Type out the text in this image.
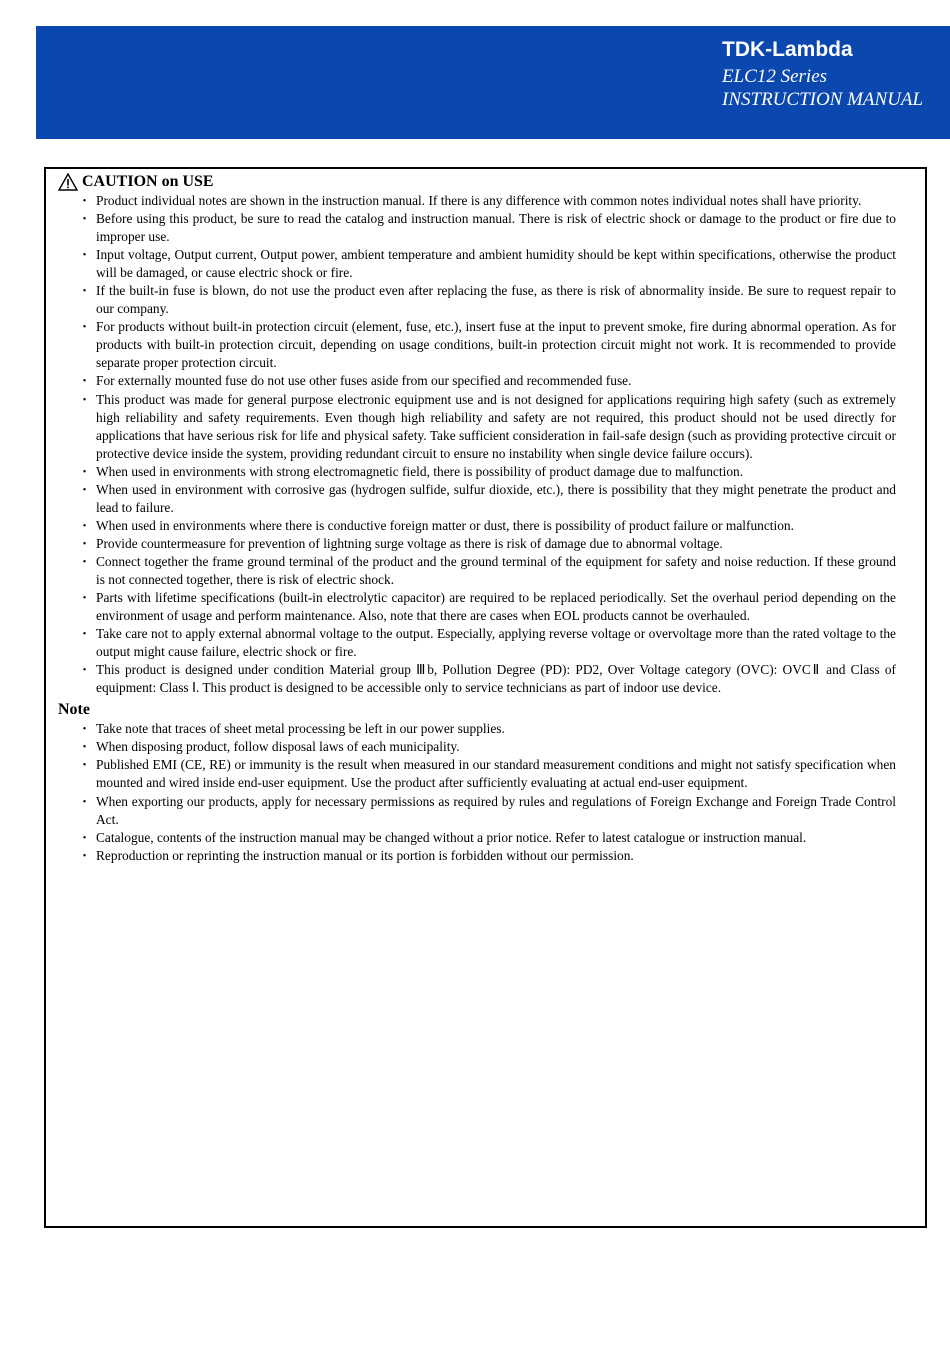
TDK-Lambda
ELC12 Series
INSTRUCTION MANUAL
CAUTION on USE
・ Product individual notes are shown in the instruction manual. If there is any difference with common notes individual notes shall have priority.
・ Before using this product, be sure to read the catalog and instruction manual. There is risk of electric shock or damage to the product or fire due to improper use.
・ Input voltage, Output current, Output power, ambient temperature and ambient humidity should be kept within specifications, otherwise the product will be damaged, or cause electric shock or fire.
・ If the built-in fuse is blown, do not use the product even after replacing the fuse, as there is risk of abnormality inside. Be sure to request repair to our company.
・ For products without built-in protection circuit (element, fuse, etc.), insert fuse at the input to prevent smoke, fire during abnormal operation. As for products with built-in protection circuit, depending on usage conditions, built-in protection circuit might not work. It is recommended to provide separate proper protection circuit.
・ For externally mounted fuse do not use other fuses aside from our specified and recommended fuse.
・ This product was made for general purpose electronic equipment use and is not designed for applications requiring high safety (such as extremely high reliability and safety requirements. Even though high reliability and safety are not required, this product should not be used directly for applications that have serious risk for life and physical safety. Take sufficient consideration in fail-safe design (such as providing protective circuit or protective device inside the system, providing redundant circuit to ensure no instability when single device failure occurs).
・ When used in environments with strong electromagnetic field, there is possibility of product damage due to malfunction.
・ When used in environment with corrosive gas (hydrogen sulfide, sulfur dioxide, etc.), there is possibility that they might penetrate the product and lead to failure.
・ When used in environments where there is conductive foreign matter or dust, there is possibility of product failure or malfunction.
・ Provide countermeasure for prevention of lightning surge voltage as there is risk of damage due to abnormal voltage.
・ Connect together the frame ground terminal of the product and the ground terminal of the equipment for safety and noise reduction. If these ground is not connected together, there is risk of electric shock.
・ Parts with lifetime specifications (built-in electrolytic capacitor) are required to be replaced periodically. Set the overhaul period depending on the environment of usage and perform maintenance. Also, note that there are cases when EOL products cannot be overhauled.
・ Take care not to apply external abnormal voltage to the output. Especially, applying reverse voltage or overvoltage more than the rated voltage to the output might cause failure, electric shock or fire.
・ This product is designed under condition Material group Ⅲb, Pollution Degree (PD): PD2, Over Voltage category (OVC): OVCⅡ and Class of equipment: Class Ⅰ. This product is designed to be accessible only to service technicians as part of indoor use device.
Note
・ Take note that traces of sheet metal processing be left in our power supplies.
・ When disposing product, follow disposal laws of each municipality.
・ Published EMI (CE, RE) or immunity is the result when measured in our standard measurement conditions and might not satisfy specification when mounted and wired inside end-user equipment. Use the product after sufficiently evaluating at actual end-user equipment.
・ When exporting our products, apply for necessary permissions as required by rules and regulations of Foreign Exchange and Foreign Trade Control Act.
・ Catalogue, contents of the instruction manual may be changed without a prior notice. Refer to latest catalogue or instruction manual.
・ Reproduction or reprinting the instruction manual or its portion is forbidden without our permission.
